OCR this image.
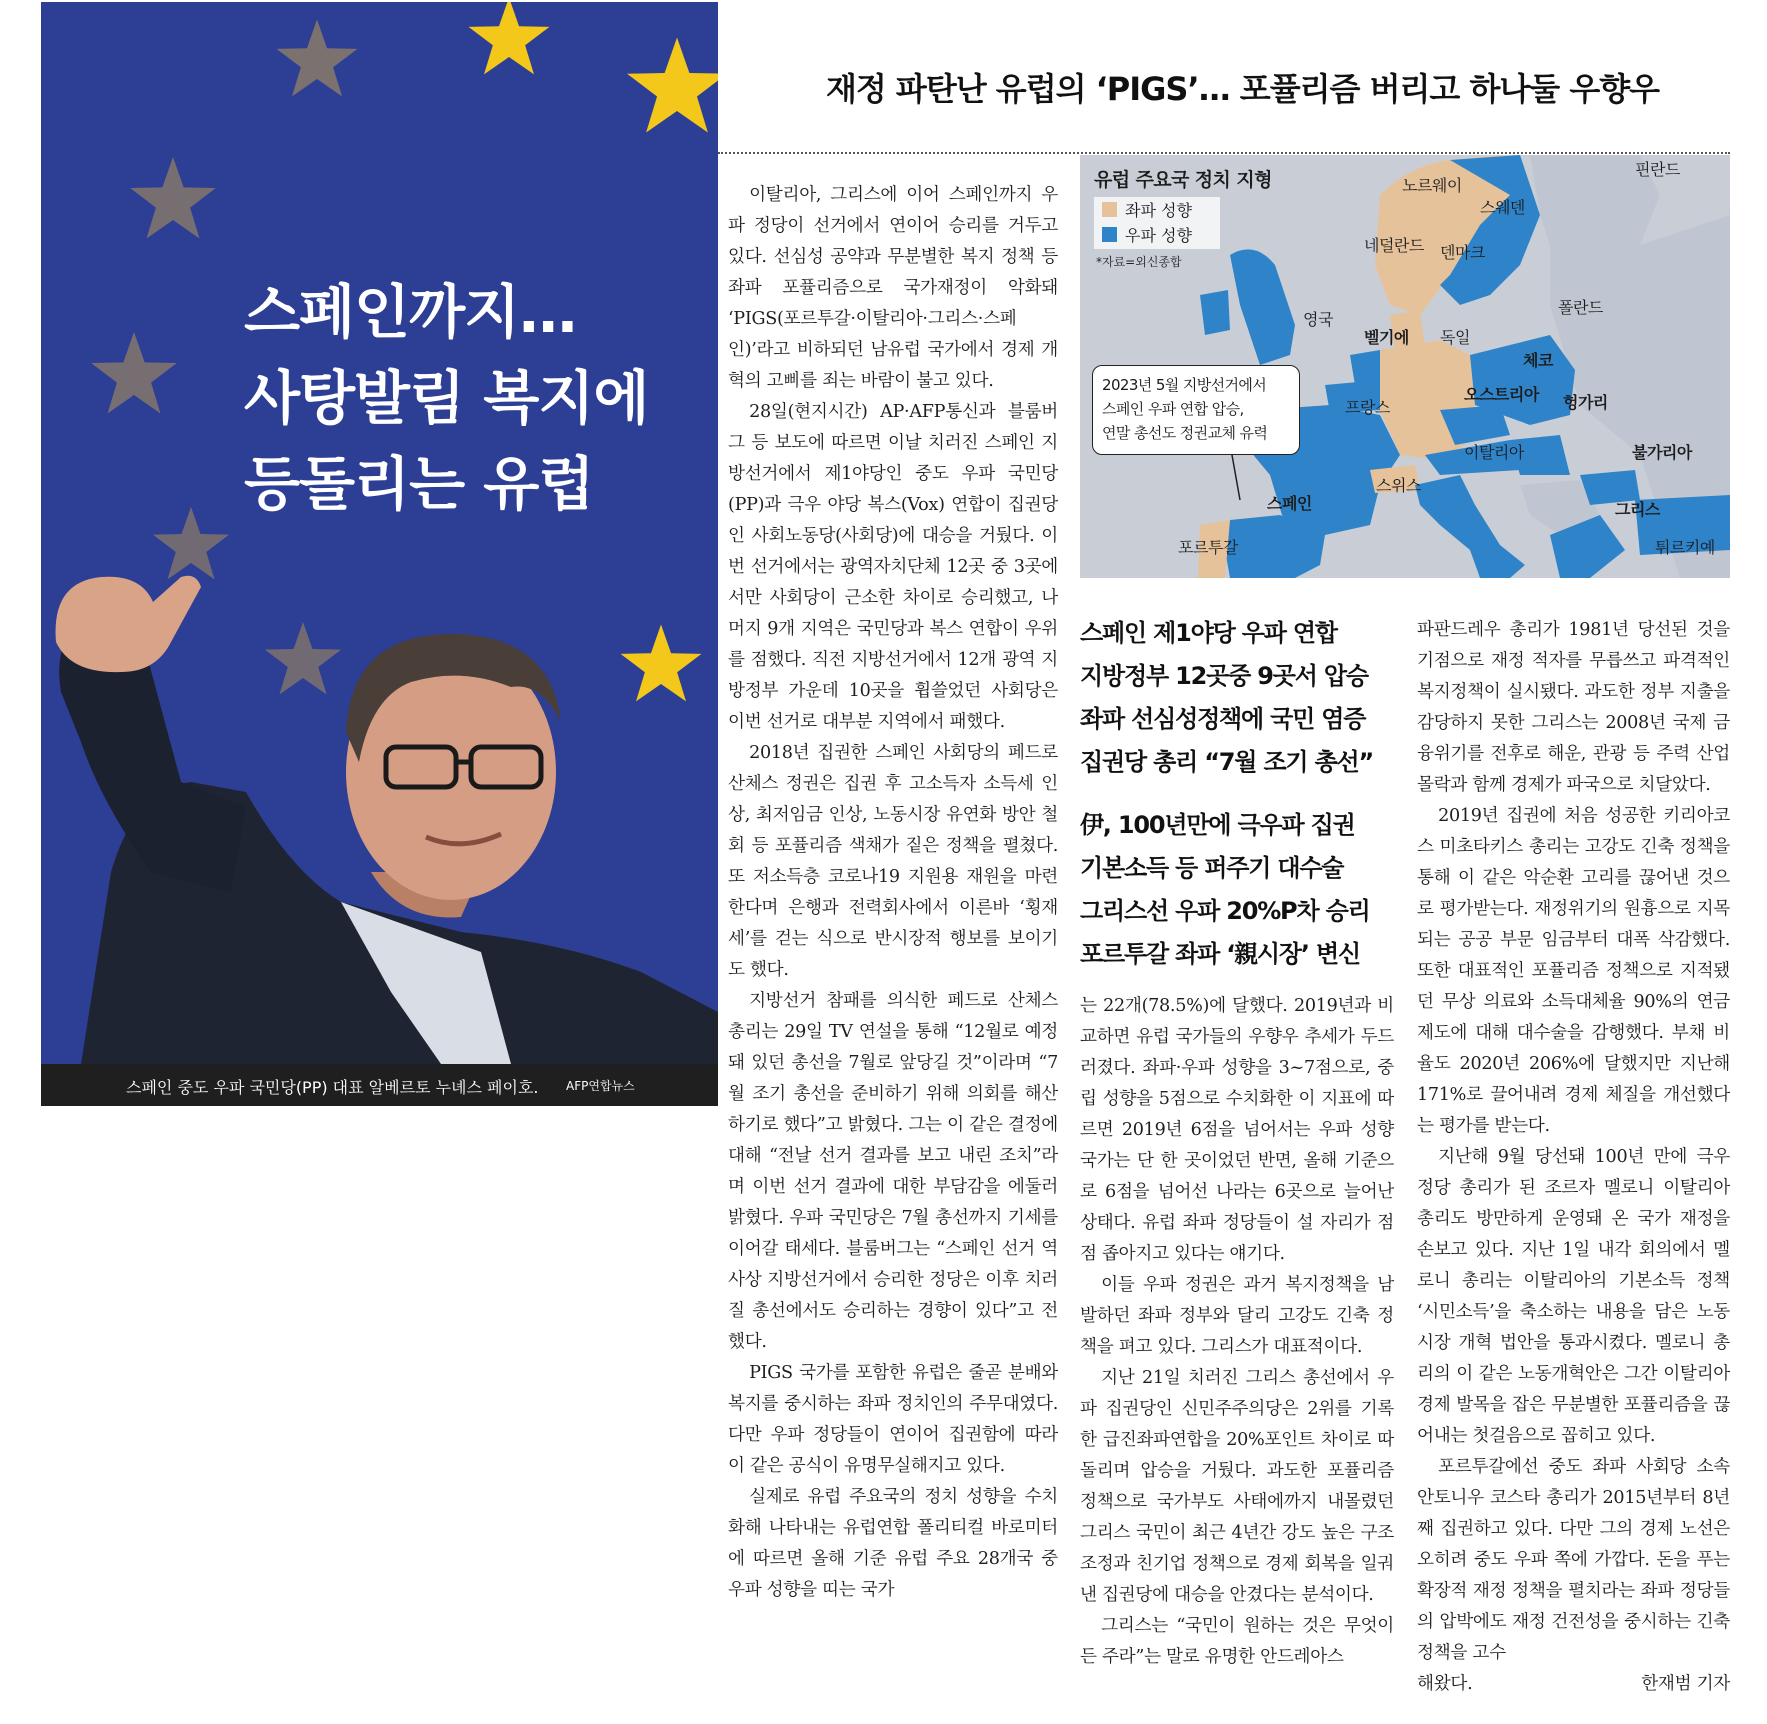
스페인까지…
사탕발림 복지에
등돌리는 유럽
스페인 중도 우파 국민당(PP) 대표 알베르토 누녜스 페이호. AFP연합뉴스
재정 파탄난 유럽의 ‘PIGS’… 포퓰리즘 버리고 하나둘 우향우

이탈리아, 그리스에 이어 스페인까지 우파 정당이 선거에서 연이어 승리를 거두고 있다. 선심성 공약과 무분별한 복지 정책 등 좌파 포퓰리즘으로 국가재정이 악화돼 ‘PIGS(포르투갈·이탈리아·그리스·스페인)’라고 비하되던 남유럽 국가에서 경제 개혁의 고삐를 죄는 바람이 불고 있다.

28일(현지시간) AP·AFP통신과 블룸버그 등 보도에 따르면 이날 치러진 스페인 지방선거에서 제1야당인 중도 우파 국민당(PP)과 극우 야당 복스(Vox) 연합이 집권당인 사회노동당(사회당)에 대승을 거뒀다. 이번 선거에서는 광역자치단체 12곳 중 3곳에서만 사회당이 근소한 차이로 승리했고, 나머지 9개 지역은 국민당과 복스 연합이 우위를 점했다. 직전 지방선거에서 12개 광역 지방정부 가운데 10곳을 휩쓸었던 사회당은 이번 선거로 대부분 지역에서 패했다.

2018년 집권한 스페인 사회당의 페드로 산체스 정권은 집권 후 고소득자 소득세 인상, 최저임금 인상, 노동시장 유연화 방안 철회 등 포퓰리즘 색채가 짙은 정책을 펼쳤다. 또 저소득층 코로나19 지원용 재원을 마련한다며 은행과 전력회사에서 이른바 ‘횡재세’를 걷는 식으로 반시장적 행보를 보이기도 했다.

지방선거 참패를 의식한 페드로 산체스 총리는 29일 TV 연설을 통해 “12월로 예정돼 있던 총선을 7월로 앞당길 것”이라며 “7월 조기 총선을 준비하기 위해 의회를 해산하기로 했다”고 밝혔다. 그는 이 같은 결정에 대해 “전날 선거 결과를 보고 내린 조치”라며 이번 선거 결과에 대한 부담감을 에둘러 밝혔다. 우파 국민당은 7월 총선까지 기세를 이어갈 태세다. 블룸버그는 “스페인 선거 역사상 지방선거에서 승리한 정당은 이후 치러질 총선에서도 승리하는 경향이 있다”고 전했다.

PIGS 국가를 포함한 유럽은 줄곧 분배와 복지를 중시하는 좌파 정치인의 주무대였다. 다만 우파 정당들이 연이어 집권함에 따라 이 같은 공식이 유명무실해지고 있다.

실제로 유럽 주요국의 정치 성향을 수치화해 나타내는 유럽연합 폴리티컬 바로미터에 따르면 올해 기준 유럽 주요 28개국 중 우파 성향을 띠는 국가

유럽 주요국 정치 지형
좌파 성향
우파 성향
*자료=외신종합
2023년 5월 지방선거에서
스페인 우파 연합 압승,
연말 총선도 정권교체 유력
노르웨이
핀란드
스웨덴
네덜란드 덴마크
영국
벨기에 독일
폴란드
체코
프랑스
오스트리아 헝가리
이탈리아	불가리아
스위스
스페인	그리스
포르투갈	튀르키예
스페인 제1야당 우파 연합
지방정부 12곳중 9곳서 압승
좌파 선심성정책에 국민 염증
집권당 총리 “7월 조기 총선”
伊, 100년만에 극우파 집권
기본소득 등 퍼주기 대수술
그리스선 우파 20%P차 승리
포르투갈 좌파 ‘親시장’ 변신

는 22개(78.5%)에 달했다. 2019년과 비교하면 유럽 국가들의 우향우 추세가 두드러졌다. 좌파·우파 성향을 3~7점으로, 중립 성향을 5점으로 수치화한 이 지표에 따르면 2019년 6점을 넘어서는 우파 성향 국가는 단 한 곳이었던 반면, 올해 기준으로 6점을 넘어선 나라는 6곳으로 늘어난 상태다. 유럽 좌파 정당들이 설 자리가 점점 좁아지고 있다는 얘기다.

이들 우파 정권은 과거 복지정책을 남발하던 좌파 정부와 달리 고강도 긴축 정책을 펴고 있다. 그리스가 대표적이다.

지난 21일 치러진 그리스 총선에서 우파 집권당인 신민주주의당은 2위를 기록한 급진좌파연합을 20%포인트 차이로 따돌리며 압승을 거뒀다. 과도한 포퓰리즘 정책으로 국가부도 사태에까지 내몰렸던 그리스 국민이 최근 4년간 강도 높은 구조조정과 친기업 정책으로 경제 회복을 일궈낸 집권당에 대승을 안겼다는 분석이다.

그리스는 “국민이 원하는 것은 무엇이든 주라”는 말로 유명한 안드레아스

파판드레우 총리가 1981년 당선된 것을 기점으로 재정 적자를 무릅쓰고 파격적인 복지정책이 실시됐다. 과도한 정부 지출을 감당하지 못한 그리스는 2008년 국제 금융위기를 전후로 해운, 관광 등 주력 산업 몰락과 함께 경제가 파국으로 치달았다.

2019년 집권에 처음 성공한 키리아코스 미초타키스 총리는 고강도 긴축 정책을 통해 이 같은 악순환 고리를 끊어낸 것으로 평가받는다. 재정위기의 원흉으로 지목되는 공공 부문 임금부터 대폭 삭감했다. 또한 대표적인 포퓰리즘 정책으로 지적됐던 무상 의료와 소득대체율 90%의 연금제도에 대해 대수술을 감행했다. 부채 비율도 2020년 206%에 달했지만 지난해 171%로 끌어내려 경제 체질을 개선했다는 평가를 받는다.

지난해 9월 당선돼 100년 만에 극우 정당 총리가 된 조르자 멜로니 이탈리아 총리도 방만하게 운영돼 온 국가 재정을 손보고 있다. 지난 1일 내각 회의에서 멜로니 총리는 이탈리아의 기본소득 정책 ‘시민소득’을 축소하는 내용을 담은 노동시장 개혁 법안을 통과시켰다. 멜로니 총리의 이 같은 노동개혁안은 그간 이탈리아 경제 발목을 잡은 무분별한 포퓰리즘을 끊어내는 첫걸음으로 꼽히고 있다.

포르투갈에선 중도 좌파 사회당 소속 안토니우 코스타 총리가 2015년부터 8년째 집권하고 있다. 다만 그의 경제 노선은 오히려 중도 우파 쪽에 가깝다. 돈을 푸는 확장적 재정 정책을 펼치라는 좌파 정당들의 압박에도 재정 건전성을 중시하는 긴축 정책을 고수

해왔다.	한재범 기자
